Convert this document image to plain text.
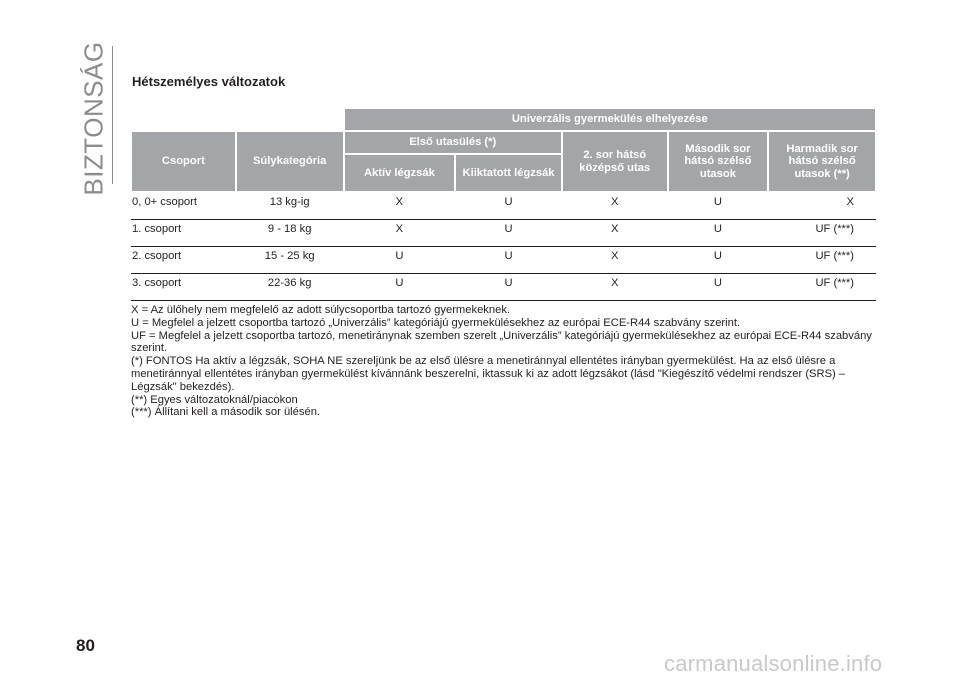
BIZTONSÁG Hétszemélyes változatok
		Univerzális gyermekülés elhelyezése				
Csoport	Súlykategória	Első utasülés (*)		2. sor hátsó középső utas	Második sor hátsó szélső utasok	Harmadik sor hátsó szélső utasok (**)
		Aktív légzsák	Kiiktatott légzsák			
0, 0+ csoport	13 kg-ig	X	U	X	U	X
1. csoport	9 - 18 kg	X	U	X	U	UF (***)
2. csoport	15 - 25 kg	U	U	X	U	UF (***)
3. csoport	22-36 kg	U	U	X	U	UF (***)

X = Az ülőhely nem megfelelő az adott súlycsoportba tartozó gyermekeknek.

U = Megfelel a jelzett csoportba tartozó „Univerzális” kategóriájú gyermekülésekhez az európai ECE-R44 szabvány szerint.

UF = Megfelel a jelzett csoportba tartozó, menetiránynak szemben szerelt „Univerzális” kategóriájú gyermekülésekhez az európai ECE-R44 szabvány szerint.

(*) FONTOS Ha aktív a légzsák, SOHA NE szereljünk be az első ülésre a menetiránnyal ellentétes irányban gyermekülést. Ha az első ülésre a menetiránnyal ellentétes irányban gyermekülést kívánnánk beszerelni, iktassuk ki az adott légzsákot (lásd "Kiegészítő védelmi rendszer (SRS) – Légzsák" bekezdés).

(**) Egyes változatoknál/piacokon

(***) Állítani kell a második sor ülésén.

80
carmanualsonline.info
